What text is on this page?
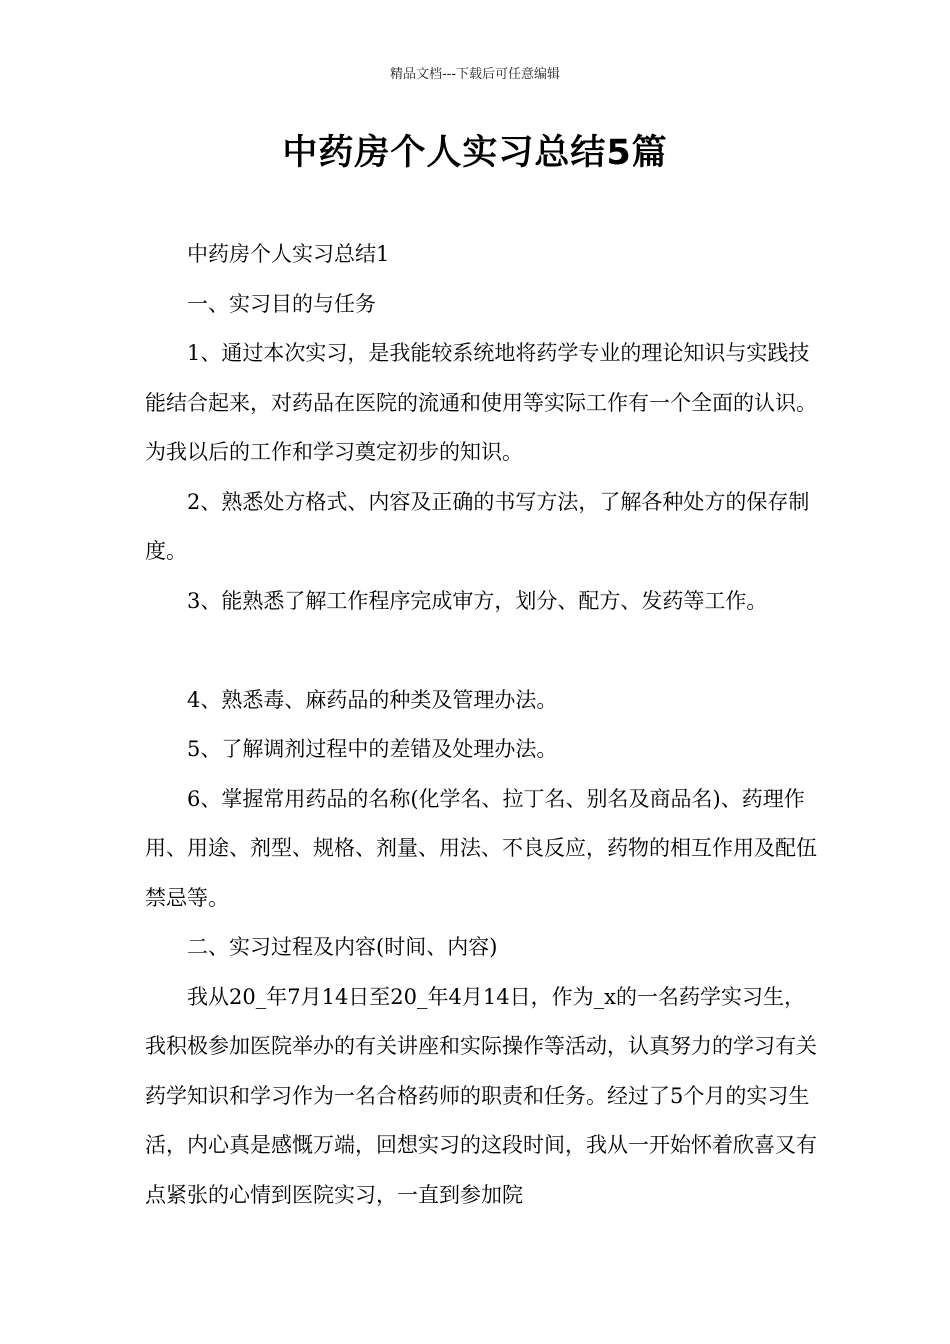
精品文档---下载后可任意编辑
中药房个人实习总结5篇

中药房个人实习总结1

一、实习目的与任务

1、通过本次实习，是我能较系统地将药学专业的理论知识与实践技能结合起来，对药品在医院的流通和使用等实际工作有一个全面的认识。为我以后的工作和学习奠定初步的知识。

2、熟悉处方格式、内容及正确的书写方法，了解各种处方的保存制度。

3、能熟悉了解工作程序完成审方，划分、配方、发药等工作。

4、熟悉毒、麻药品的种类及管理办法。

5、了解调剂过程中的差错及处理办法。

6、掌握常用药品的名称(化学名、拉丁名、别名及商品名)、药理作用、用途、剂型、规格、剂量、用法、不良反应，药物的相互作用及配伍禁忌等。

二、实习过程及内容(时间、内容)

我从20_年7月14日至20_年4月14日，作为_x的一名药学实习生，我积极参加医院举办的有关讲座和实际操作等活动，认真努力的学习有关药学知识和学习作为一名合格药师的职责和任务。经过了5个月的实习生活，内心真是感慨万端，回想实习的这段时间，我从一开始怀着欣喜又有点紧张的心情到医院实习，一直到参加院
